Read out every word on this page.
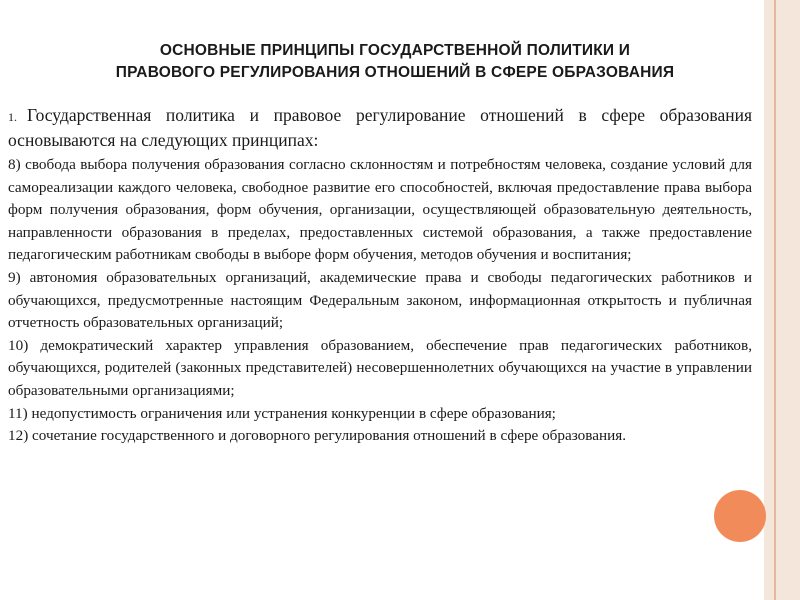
ОСНОВНЫЕ ПРИНЦИПЫ ГОСУДАРСТВЕННОЙ ПОЛИТИКИ И
ПРАВОВОГО РЕГУЛИРОВАНИЯ ОТНОШЕНИЙ В СФЕРЕ ОБРАЗОВАНИЯ

1. Государственная политика и правовое регулирование отношений в сфере образования основываются на следующих принципах:

8) свобода выбора получения образования согласно склонностям и потребностям человека, создание условий для самореализации каждого человека, свободное развитие его способностей, включая предоставление права выбора форм получения образования, форм обучения, организации, осуществляющей образовательную деятельность, направленности образования в пределах, предоставленных системой образования, а также предоставление педагогическим работникам свободы в выборе форм обучения, методов обучения и воспитания;

9) автономия образовательных организаций, академические права и свободы педагогических работников и обучающихся, предусмотренные настоящим Федеральным законом, информационная открытость и публичная отчетность образовательных организаций;

10) демократический характер управления образованием, обеспечение прав педагогических работников, обучающихся, родителей (законных представителей) несовершеннолетних обучающихся на участие в управлении образовательными организациями;

11) недопустимость ограничения или устранения конкуренции в сфере образования;

12) сочетание государственного и договорного регулирования отношений в сфере образования.
